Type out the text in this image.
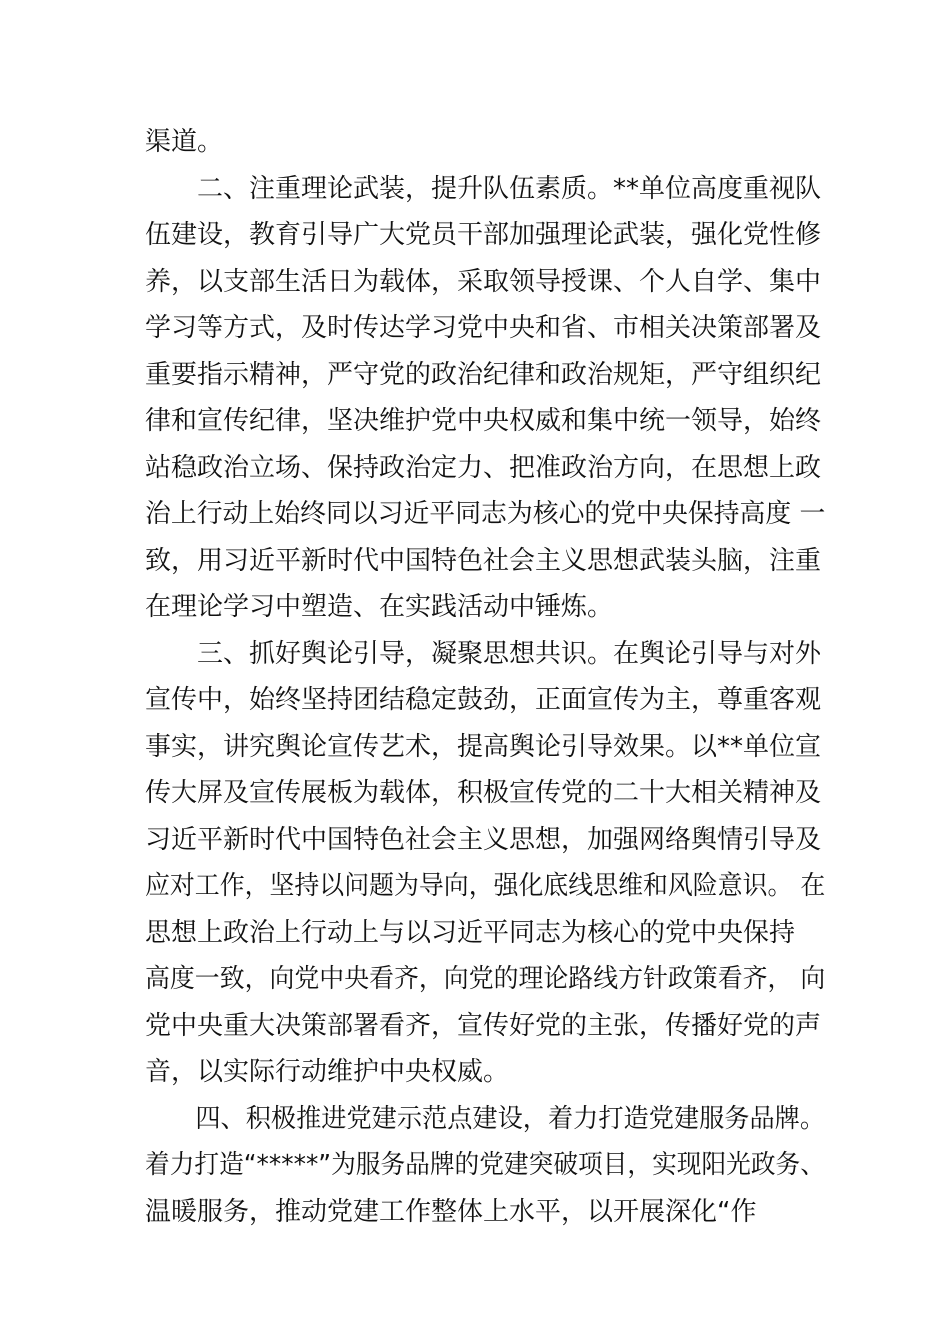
渠道。
二、注重理论武装，提升队伍素质。**单位高度重视队
伍建设，教育引导广大党员干部加强理论武装，强化党性修
养，以支部生活日为载体，采取领导授课、个人自学、集中
学习等方式，及时传达学习党中央和省、市相关决策部署及
重要指示精神，严守党的政治纪律和政治规矩，严守组织纪
律和宣传纪律，坚决维护党中央权威和集中统一领导，始终
站稳政治立场、保持政治定力、把准政治方向，在思想上政
治上行动上始终同以习近平同志为核心的党中央保持高度 一
致，用习近平新时代中国特色社会主义思想武装头脑，注重
在理论学习中塑造、在实践活动中锤炼。
三、抓好舆论引导，凝聚思想共识。在舆论引导与对外
宣传中，始终坚持团结稳定鼓劲，正面宣传为主，尊重客观
事实，讲究舆论宣传艺术，提高舆论引导效果。以**单位宣
传大屏及宣传展板为载体，积极宣传党的二十大相关精神及
习近平新时代中国特色社会主义思想，加强网络舆情引导及
应对工作，坚持以问题为导向，强化底线思维和风险意识。 在
思想上政治上行动上与以习近平同志为核心的党中央保持
高度一致，向党中央看齐，向党的理论路线方针政策看齐， 向
党中央重大决策部署看齐，宣传好党的主张，传播好党的声
音，以实际行动维护中央权威。
四、积极推进党建示范点建设，着力打造党建服务品牌。
着力打造“*****”为服务品牌的党建突破项目，实现阳光政务、
温暖服务，推动党建工作整体上水平，以开展深化“作
